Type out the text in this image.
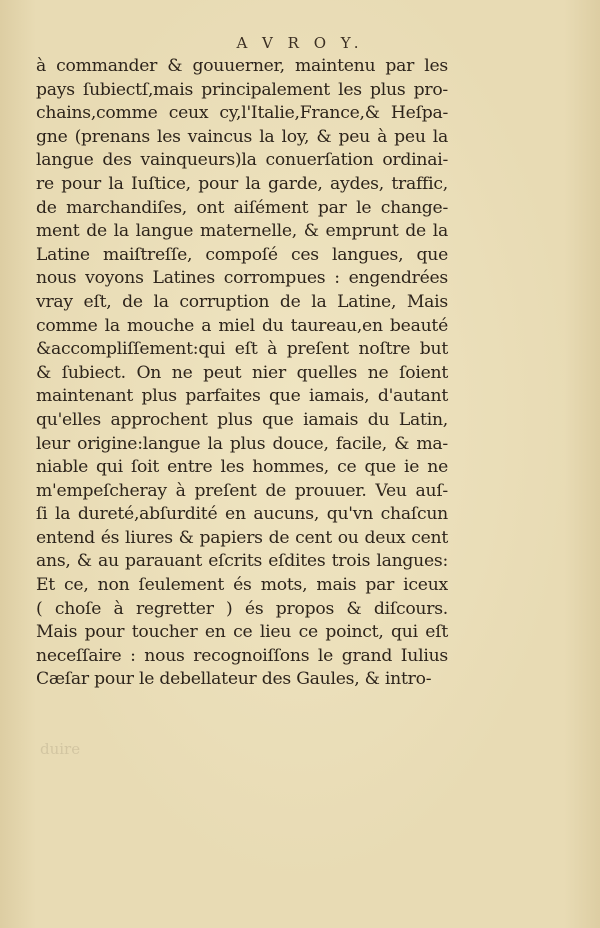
A V R O Y.
à commander & gouuerner, maintenu par les
pays ſubiectſ,mais principalement les plus pro-
chains,comme ceux cy,l'Italie,France,& Heſpa-
gne (prenans les vaincus la loy, & peu à peu la
langue des vainqueurs)la conuerſation ordinai-
re pour la Iuſtice, pour la garde, aydes, traffic,
de marchandiſes, ont aiſément par le change-
ment de la langue maternelle, & emprunt de la
Latine maiſtreſſe, compoſé ces langues, que
nous voyons Latines corrompues : engendrées
vray eſt, de la corruption de la Latine, Mais
comme la mouche a miel du taureau,en beauté
&accompliſſement:qui eſt à preſent noſtre but
& ſubiect. On ne peut nier quelles ne ſoient
maintenant plus parfaites que iamais, d'autant
qu'elles approchent plus que iamais du Latin,
leur origine:langue la plus douce, facile, & ma-
niable qui ſoit entre les hommes, ce que ie ne
m'empeſcheray à preſent de prouuer. Veu auſ-
ſi la dureté,abſurdité en aucuns, qu'vn chaſcun
entend és liures & papiers de cent ou deux cent
ans, & au parauant eſcrits eſdites trois langues:
Et ce, non ſeulement és mots, mais par iceux
( choſe à regretter ) és propos & diſcours.
Mais pour toucher en ce lieu ce poinct, qui eſt
neceſſaire : nous recognoiſſons le grand Iulius
Cæſar pour le debellateur des Gaules, & intro-
duire
